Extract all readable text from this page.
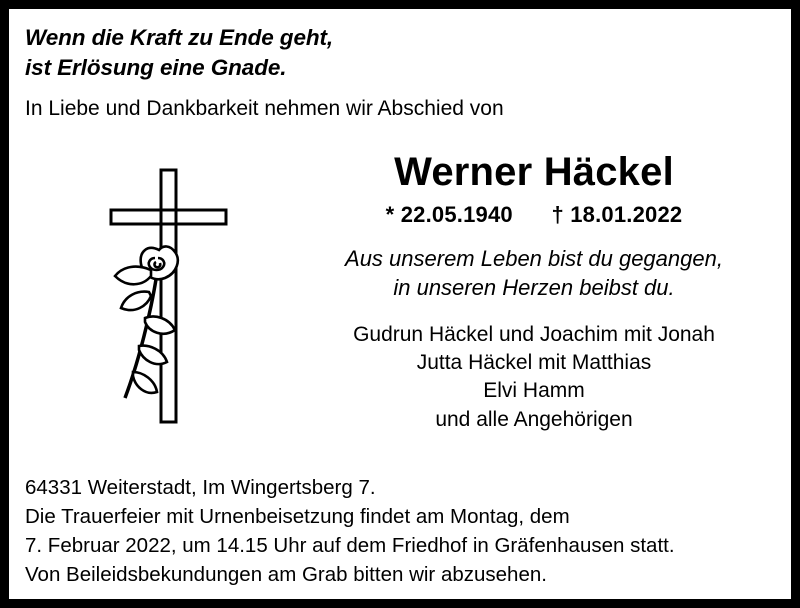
Wenn die Kraft zu Ende geht,
ist Erlösung eine Gnade.
In Liebe und Dankbarkeit nehmen wir Abschied von
Werner Häckel
* 22.05.1940 † 18.01.2022
Aus unserem Leben bist du gegangen,
in unseren Herzen beibst du.
Gudrun Häckel und Joachim mit Jonah
Jutta Häckel mit Matthias
Elvi Hamm
und alle Angehörigen
64331 Weiterstadt, Im Wingertsberg 7.
Die Trauerfeier mit Urnenbeisetzung findet am Montag, dem
7. Februar 2022, um 14.15 Uhr auf dem Friedhof in Gräfenhausen statt.
Von Beileidsbekundungen am Grab bitten wir abzusehen.
